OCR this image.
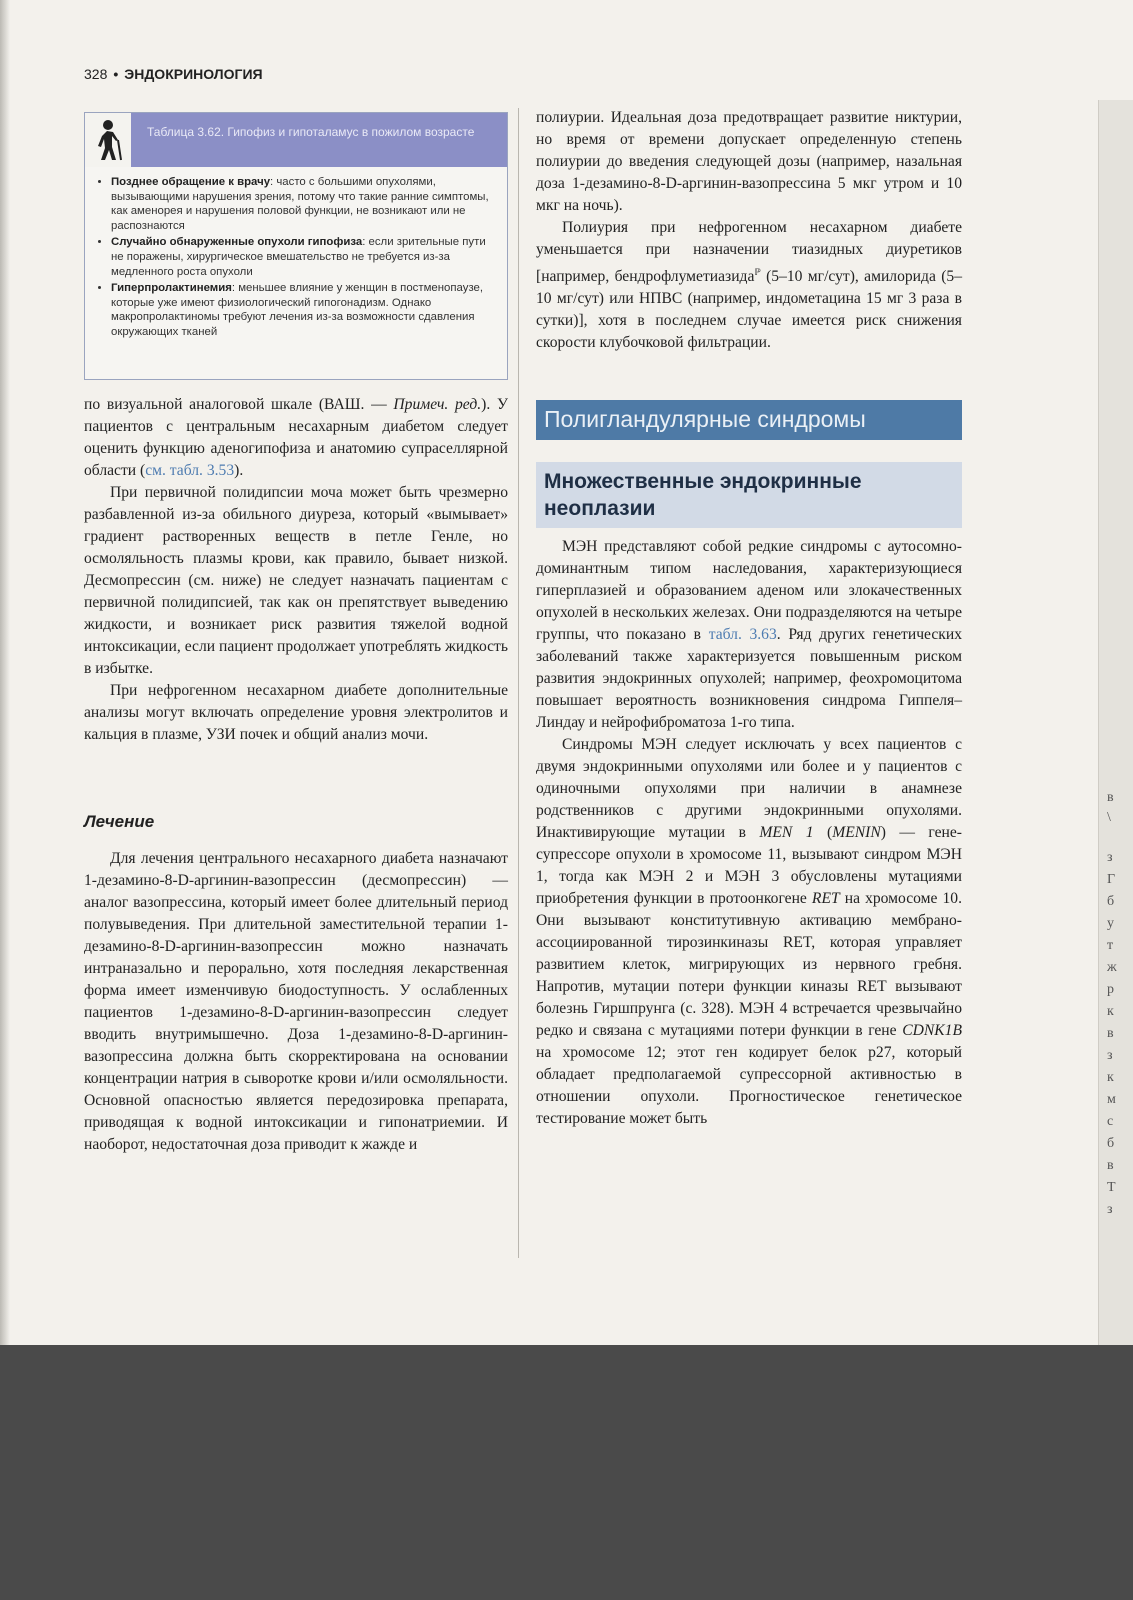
328 • ЭНДОКРИНОЛОГИЯ
Таблица 3.62. Гипофиз и гипоталамус в пожилом возрасте
• Позднее обращение к врачу: часто с большими опухолями, вызывающими нарушения зрения, потому что такие ранние симптомы, как аменорея и нарушения половой функции, не возникают или не распознаются
• Случайно обнаруженные опухоли гипофиза: если зрительные пути не поражены, хирургическое вмешательство не требуется из-за медленного роста опухоли
• Гиперпролактинемия: меньшее влияние у женщин в постменопаузе, которые уже имеют физиологический гипогонадизм. Однако макропролактиномы требуют лечения из-за возможности сдавления окружающих тканей

по визуальной аналоговой шкале (ВАШ. — Примеч. ред.). У пациентов с центральным несахарным диабетом следует оценить функцию аденогипофиза и анатомию супраселлярной области (см. табл. 3.53).

При первичной полидипсии моча может быть чрезмерно разбавленной из-за обильного диуреза, который «вымывает» градиент растворенных веществ в петле Генле, но осмоляльность плазмы крови, как правило, бывает низкой. Десмопрессин (см. ниже) не следует назначать пациентам с первичной полидипсией, так как он препятствует выведению жидкости, и возникает риск развития тяжелой водной интоксикации, если пациент продолжает употреблять жидкость в избытке.

При нефрогенном несахарном диабете дополнительные анализы могут включать определение уровня электролитов и кальция в плазме, УЗИ почек и общий анализ мочи.

Лечение

Для лечения центрального несахарного диабета назначают 1-дезамино-8-D-аргинин-вазопрессин (десмопрессин) — аналог вазопрессина, который имеет более длительный период полувыведения. При длительной заместительной терапии 1-дезамино-8-D-аргинин-вазопрессин можно назначать интраназально и перорально, хотя последняя лекарственная форма имеет изменчивую биодоступность. У ослабленных пациентов 1-дезамино-8-D-аргинин-вазопрессин следует вводить внутримышечно. Доза 1-дезамино-8-D-аргинин-вазопрессина должна быть скорректирована на основании концентрации натрия в сыворотке крови и/или осмоляльности. Основной опасностью является передозировка препарата, приводящая к водной интоксикации и гипонатриемии. И наоборот, недостаточная доза приводит к жажде и

полиурии. Идеальная доза предотвращает развитие никтурии, но время от времени допускает определенную степень полиурии до введения следующей дозы (например, назальная доза 1-дезамино-8-D-аргинин-вазопрессина 5 мкг утром и 10 мкг на ночь).

Полиурия при нефрогенном несахарном диабете уменьшается при назначении тиазидных диуретиков [например, бендрофлуметиазида$^ℙ$ (5–10 мг/сут), амилорида (5–10 мг/сут) или НПВС (например, индометацина 15 мг 3 раза в сутки)], хотя в последнем случае имеется риск снижения скорости клубочковой фильтрации.

Полигландулярные синдромы
Множественные эндокринные неоплазии

МЭН представляют собой редкие синдромы с аутосомно-доминантным типом наследования, характеризующиеся гиперплазией и образованием аденом или злокачественных опухолей в нескольких железах. Они подразделяются на четыре группы, что показано в табл. 3.63. Ряд других генетических заболеваний также характеризуется повышенным риском развития эндокринных опухолей; например, феохромоцитома повышает вероятность возникновения синдрома Гиппеля–Линдау и нейрофиброматоза 1-го типа.

Синдромы МЭН следует исключать у всех пациентов с двумя эндокринными опухолями или более и у пациентов с одиночными опухолями при наличии в анамнезе родственников с другими эндокринными опухолями. Инактивирующие мутации в MEN 1 (MENIN) — гене-супрессоре опухоли в хромосоме 11, вызывают синдром МЭН 1, тогда как МЭН 2 и МЭН 3 обусловлены мутациями приобретения функции в протоонкогене RET на хромосоме 10. Они вызывают конститутивную активацию мембрано-ассоциированной тирозинкиназы RET, которая управляет развитием клеток, мигрирующих из нервного гребня. Напротив, мутации потери функции киназы RET вызывают болезнь Гиршпрунга (с. 328). МЭН 4 встречается чрезвычайно редко и связана с мутациями потери функции в гене CDNK1B на хромосоме 12; этот ген кодирует белок p27, который обладает предполагаемой супрессорной активностью в отношении опухоли. Прогностическое генетическое тестирование может быть

в
\
з
Г
б
у
т
ж
р
к
в
з
к
м
с
б
в
Т
з
